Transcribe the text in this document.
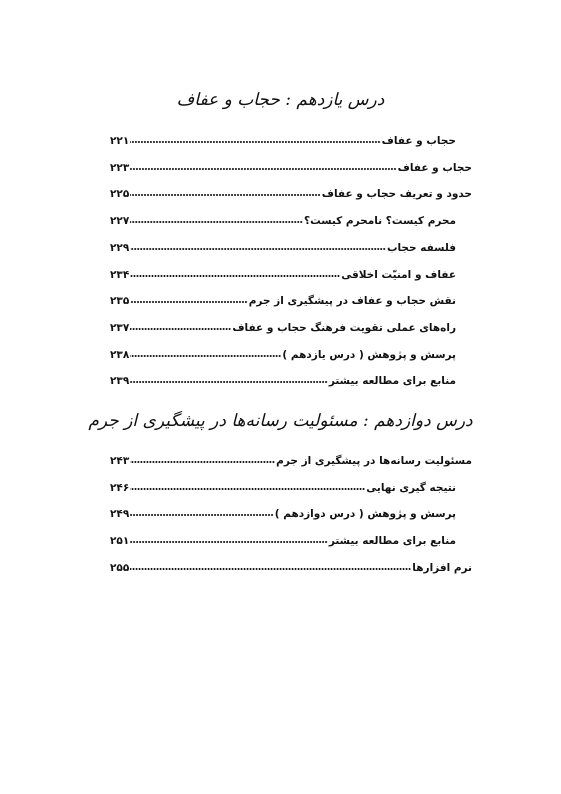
درس یازدهم : حجاب و عفاف
حجاب و عفاف
۲۲۱
حجاب و عفاف
۲۲۳
حدود و تعریف حجاب و عفاف
۲۲۵
محرم کیست؟ نامحرم کیست؟
۲۲۷
فلسفه حجاب
۲۲۹
عفاف و امنیّت اخلاقی
۲۳۴
نقش حجاب و عفاف در پیشگیری از جرم
۲۳۵
راه‌های عملی تقویت فرهنگ حجاب و عفاف
۲۳۷
پرسش و پژوهش ( درس یازدهم )
۲۳۸
منابع برای مطالعه بیشتر
۲۳۹
درس دوازدهم : مسئولیت رسانه‌ها در پیشگیری از جرم
مسئولیت رسانه‌ها در پیشگیری از جرم
۲۴۳
نتیجه گیری نهایی
۲۴۶
پرسش و پژوهش ( درس دوازدهم )
۲۴۹
منابع برای مطالعه بیشتر
۲۵۱
نرم افزارها
۲۵۵
